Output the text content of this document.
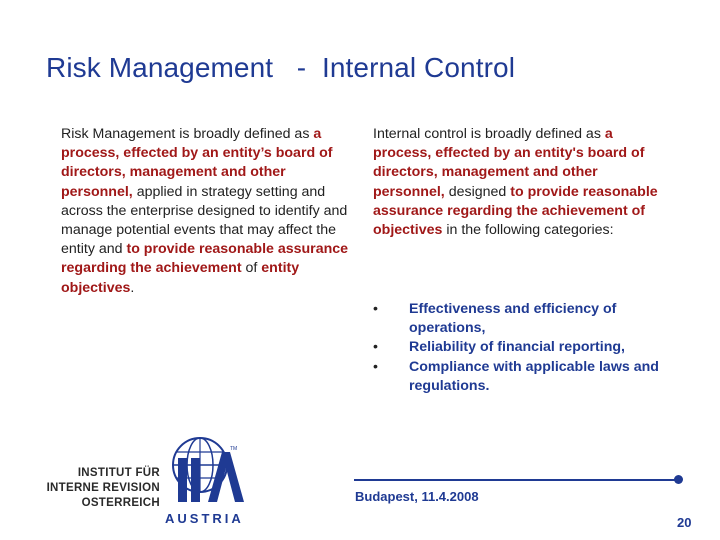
Risk Management   -  Internal Control
Risk Management is broadly defined as a process, effected by an entity’s board of directors, management and other personnel, applied in strategy setting and across the enterprise designed to identify and manage potential events that may affect the entity and to provide reasonable assurance regarding the achievement of entity objectives.
Internal control is broadly defined as a process, effected by an entity's board of directors, management and other personnel, designed to provide reasonable assurance regarding the achievement of objectives in the following categories:
•	Effectiveness and efficiency of operations,
•	Reliability of financial reporting,
•	Compliance with applicable laws and regulations.
INSTITUT FÜR
INTERNE REVISION
OSTERREICH
TM
AUSTRIA
Budapest, 11.4.2008
20
